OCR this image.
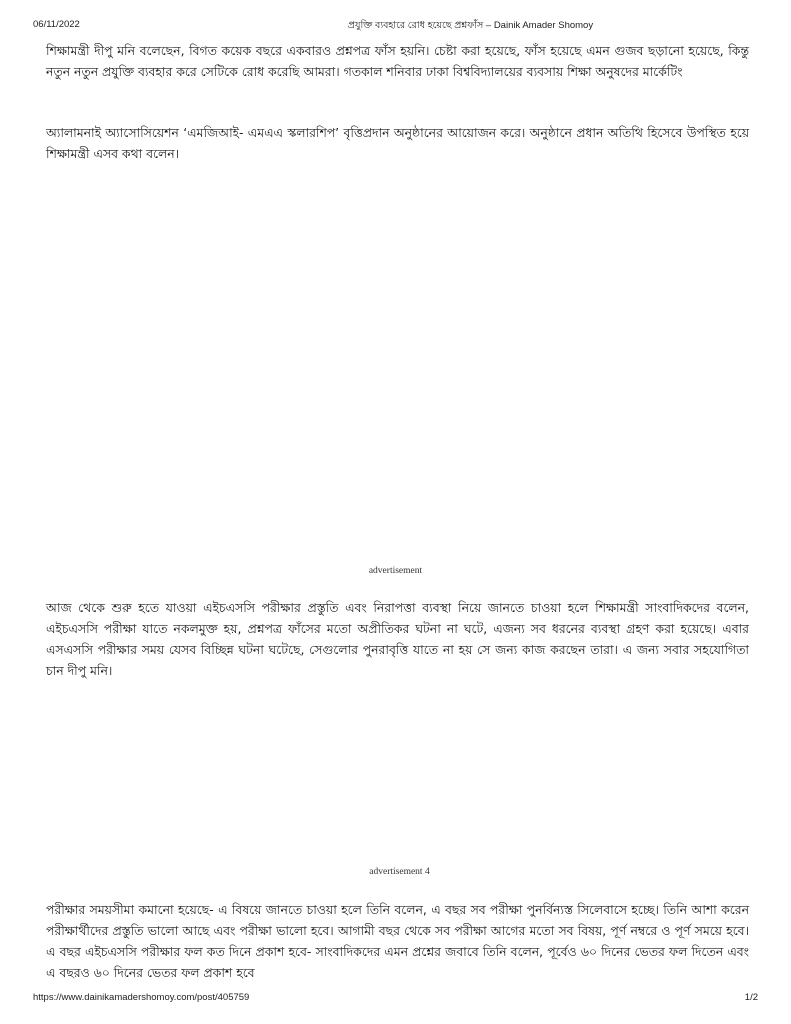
06/11/2022	প্রযুক্তি ব্যবহারে রোধ হয়েছে প্রশ্নফাঁস – Dainik Amader Shomoy

শিক্ষামন্ত্রী দীপু মনি বলেছেন, বিগত কয়েক বছরে একবারও প্রশ্নপত্র ফাঁস হয়নি। চেষ্টা করা হয়েছে, ফাঁস হয়েছে এমন গুজব ছড়ানো হয়েছে, কিন্তু নতুন নতুন প্রযুক্তি ব্যবহার করে সেটিকে রোধ করেছি আমরা। গতকাল শনিবার ঢাকা বিশ্ববিদ্যালয়ের ব্যবসায় শিক্ষা অনুষদের মার্কেটিং

অ্যালামনাই অ্যাসোসিয়েশন ‘এমজিআই- এমএএ স্কলারশিপ’ বৃত্তিপ্রদান অনুষ্ঠানের আয়োজন করে। অনুষ্ঠানে প্রধান অতিথি হিসেবে উপস্থিত হয়ে শিক্ষামন্ত্রী এসব কথা বলেন।

advertisement

আজ থেকে শুরু হতে যাওয়া এইচএসসি পরীক্ষার প্রস্তুতি এবং নিরাপত্তা ব্যবস্থা নিয়ে জানতে চাওয়া হলে শিক্ষামন্ত্রী সাংবাদিকদের বলেন, এইচএসসি পরীক্ষা যাতে নকলমুক্ত হয়, প্রশ্নপত্র ফাঁসের মতো অপ্রীতিকর ঘটনা না ঘটে, এজন্য সব ধরনের ব্যবস্থা গ্রহণ করা হয়েছে। এবার এসএসসি পরীক্ষার সময় যেসব বিচ্ছিন্ন ঘটনা ঘটেছে, সেগুলোর পুনরাবৃত্তি যাতে না হয় সে জন্য কাজ করছেন তারা। এ জন্য সবার সহযোগিতা চান দীপু মনি।

advertisement 4

পরীক্ষার সময়সীমা কমানো হয়েছে- এ বিষয়ে জানতে চাওয়া হলে তিনি বলেন, এ বছর সব পরীক্ষা পুনর্বিন্যস্ত সিলেবাসে হচ্ছে। তিনি আশা করেন পরীক্ষার্থীদের প্রস্তুতি ভালো আছে এবং পরীক্ষা ভালো হবে। আগামী বছর থেকে সব পরীক্ষা আগের মতো সব বিষয়, পূর্ণ নম্বরে ও পূর্ণ সময়ে হবে। এ বছর এইচএসসি পরীক্ষার ফল কত দিনে প্রকাশ হবে- সাংবাদিকদের এমন প্রশ্নের জবাবে তিনি বলেন, পূর্বেও ৬০ দিনের ভেতর ফল দিতেন এবং এ বছরও ৬০ দিনের ভেতর ফল প্রকাশ হবে

https://www.dainikamadershomoy.com/post/405759	1/2
